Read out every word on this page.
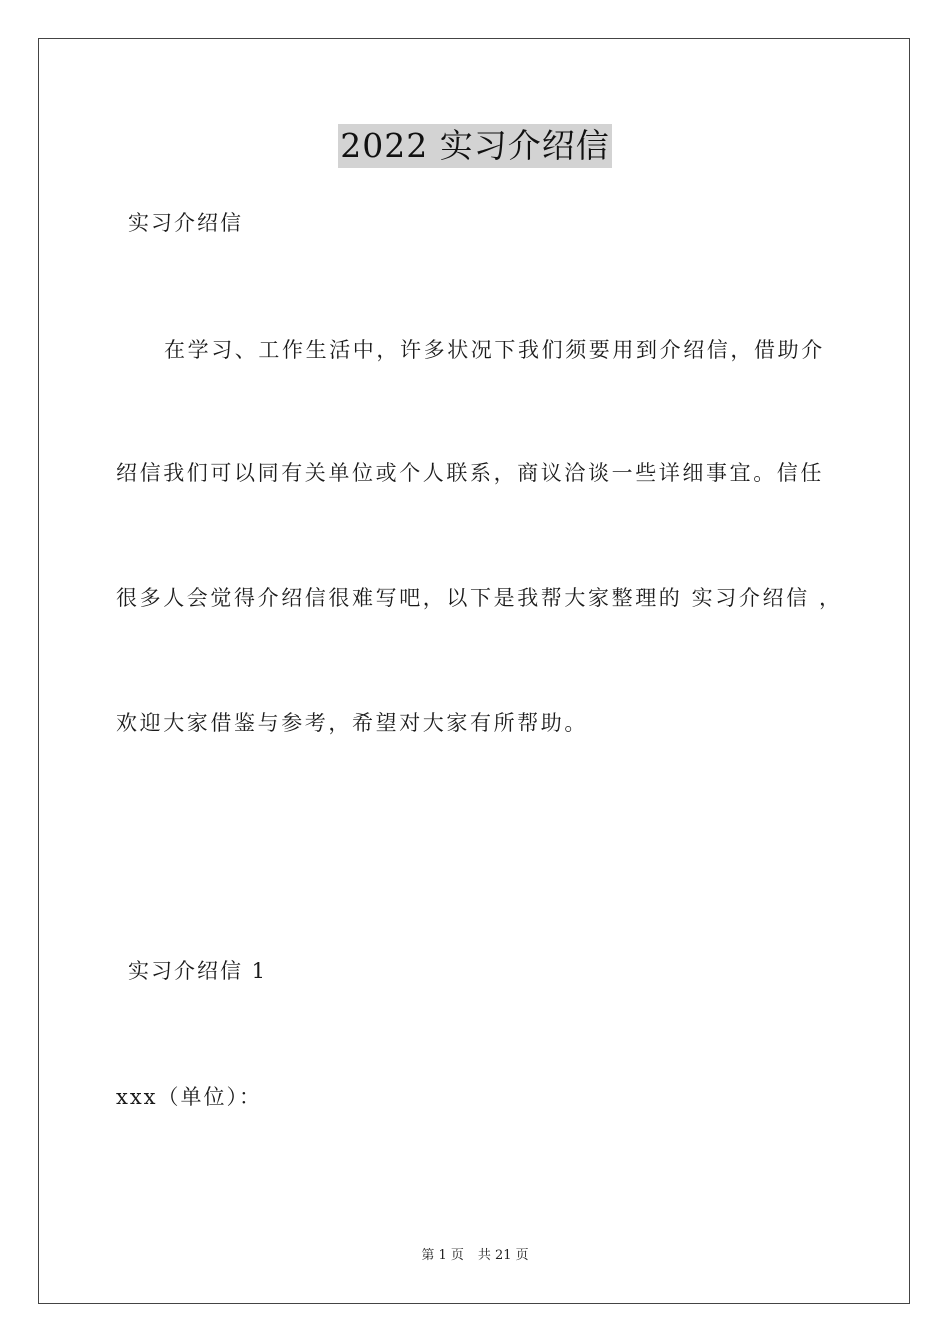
2022 实习介绍信
实习介绍信
在学习、工作生活中，许多状况下我们须要用到介绍信，借助介
绍信我们可以同有关单位或个人联系，商议洽谈一些详细事宜。信任
很多人会觉得介绍信很难写吧，以下是我帮大家整理的 实习介绍信 ，
欢迎大家借鉴与参考，希望对大家有所帮助。
实习介绍信 1
xxx（单位）：
第 1 页 共 21 页
